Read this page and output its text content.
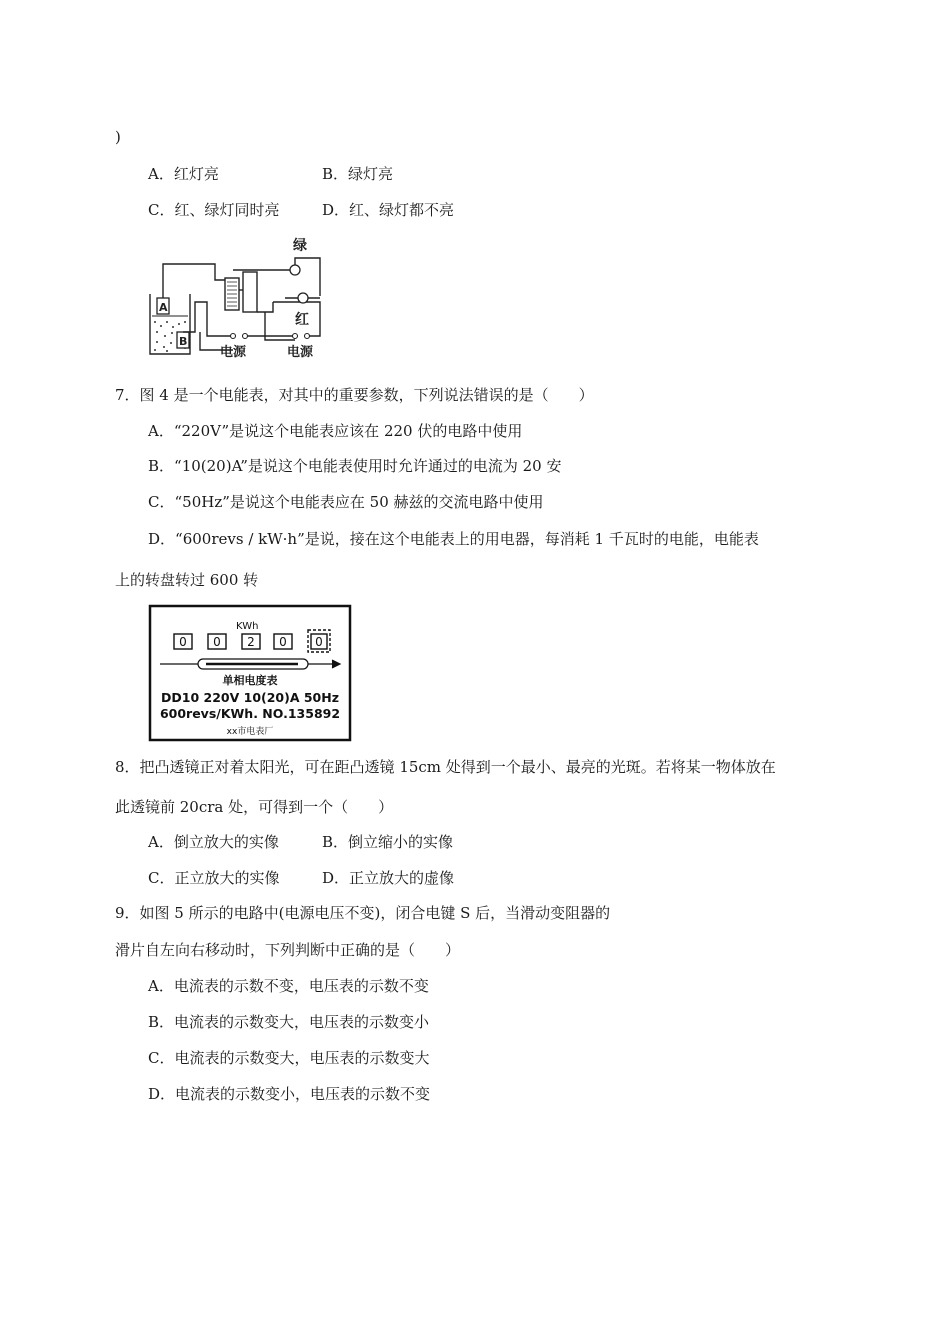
)
A．红灯亮	B．绿灯亮
C．红、绿灯同时亮	D．红、绿灯都不亮
A
B
绿
红
电源	电源
7．图 4 是一个电能表，对其中的重要参数，下列说法错误的是（　　）
A．“220V”是说这个电能表应该在 220 伏的电路中使用
B．“10(20)A”是说这个电能表使用时允许通过的电流为 20 安
C．“50Hz”是说这个电能表应在 50 赫兹的交流电路中使用
D．“600revs / kW·h”是说，接在这个电能表上的用电器，每消耗 1 千瓦时的电能，电能表
上的转盘转过 600 转
KWh
0 0 2 0 0
单相电度表
DD10 220V 10(20)A 50Hz
600revs/KWh. NO.135892
xx市电表厂
8．把凸透镜正对着太阳光，可在距凸透镜 15cm 处得到一个最小、最亮的光斑。若将某一物体放在
此透镜前 20cra 处，可得到一个（　　）
A．倒立放大的实像	B．倒立缩小的实像
C．正立放大的实像	D．正立放大的虚像
9．如图 5 所示的电路中(电源电压不变)，闭合电键 S 后，当滑动变阻器的
滑片自左向右移动时，下列判断中正确的是（　　）
A．电流表的示数不变，电压表的示数不变
B．电流表的示数变大，电压表的示数变小
C．电流表的示数变大，电压表的示数变大
D．电流表的示数变小，电压表的示数不变
